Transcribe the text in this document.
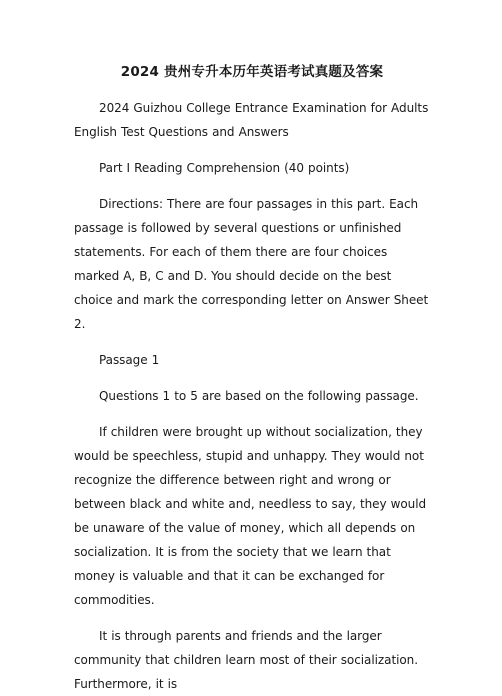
2024 贵州专升本历年英语考试真题及答案

2024 Guizhou College Entrance Examination for Adults English Test Questions and Answers

Part I Reading Comprehension (40 points)

Directions: There are four passages in this part. Each passage is followed by several questions or unfinished statements. For each of them there are four choices marked A, B, C and D. You should decide on the best choice and mark the corresponding letter on Answer Sheet 2.

Passage 1

Questions 1 to 5 are based on the following passage.

If children were brought up without socialization, they would be speechless, stupid and unhappy. They would not recognize the difference between right and wrong or between black and white and, needless to say, they would be unaware of the value of money, which all depends on socialization. It is from the society that we learn that money is valuable and that it can be exchanged for commodities.

It is through parents and friends and the larger community that children learn most of their socialization. Furthermore, it is
